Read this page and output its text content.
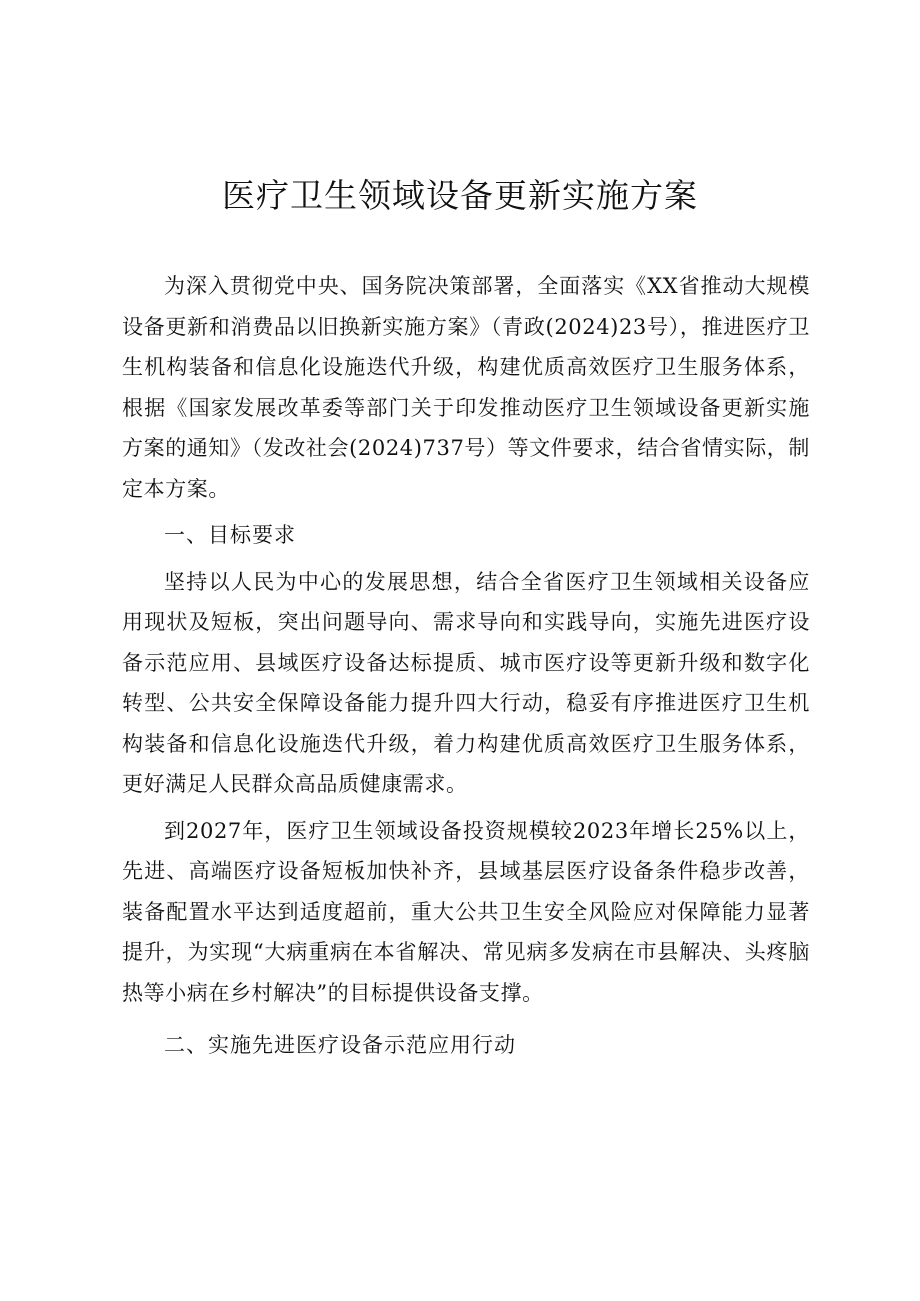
医疗卫生领域设备更新实施方案

为深入贯彻党中央、国务院决策部署，全面落实《XX省推动大规模设备更新和消费品以旧换新实施方案》（青政(2024)23号），推进医疗卫生机构装备和信息化设施迭代升级，构建优质高效医疗卫生服务体系，根据《国家发展改革委等部门关于印发推动医疗卫生领域设备更新实施方案的通知》（发改社会(2024)737号）等文件要求，结合省情实际，制定本方案。

一、目标要求

坚持以人民为中心的发展思想，结合全省医疗卫生领域相关设备应用现状及短板，突出问题导向、需求导向和实践导向，实施先进医疗设备示范应用、县域医疗设备达标提质、城市医疗设等更新升级和数字化转型、公共安全保障设备能力提升四大行动，稳妥有序推进医疗卫生机构装备和信息化设施迭代升级，着力构建优质高效医疗卫生服务体系，更好满足人民群众高品质健康需求。

到2027年，医疗卫生领域设备投资规模较2023年增长25%以上，先进、高端医疗设备短板加快补齐，县域基层医疗设备条件稳步改善，装备配置水平达到适度超前，重大公共卫生安全风险应对保障能力显著提升，为实现“大病重病在本省解决、常见病多发病在市县解决、头疼脑热等小病在乡村解决”的目标提供设备支撑。

二、实施先进医疗设备示范应用行动
